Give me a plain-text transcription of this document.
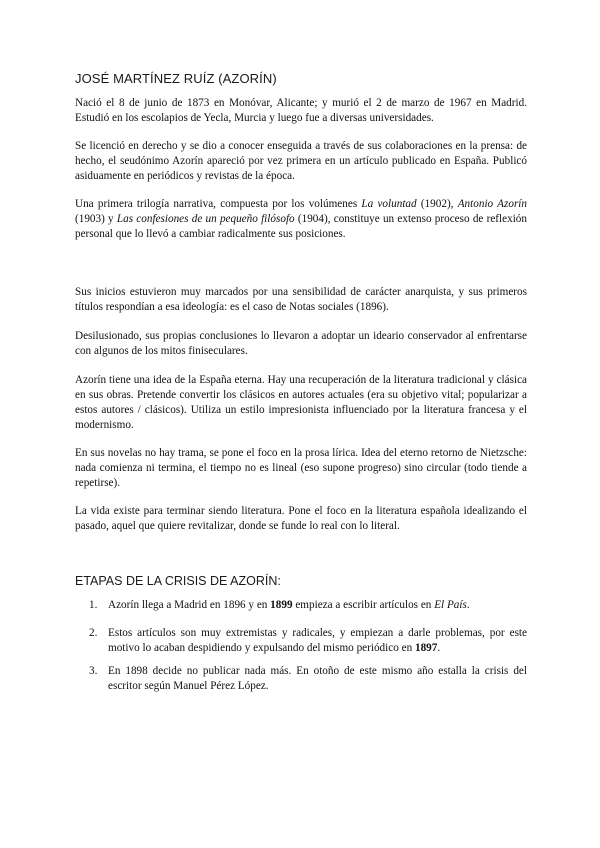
JOSÉ MARTÍNEZ RUÍZ (AZORÍN)

Nació el 8 de junio de 1873 en Monóvar, Alicante; y murió el 2 de marzo de 1967 en Madrid. Estudió en los escolapios de Yecla, Murcia y luego fue a diversas universidades.

Se licenció en derecho y se dio a conocer enseguida a través de sus colaboraciones en la prensa: de hecho, el seudónimo Azorín apareció por vez primera en un artículo publicado en España. Publicó asiduamente en periódicos y revistas de la época.

Una primera trilogía narrativa, compuesta por los volúmenes La voluntad (1902), Antonio Azorín (1903) y Las confesiones de un pequeño filósofo (1904), constituye un extenso proceso de reflexión personal que lo llevó a cambiar radicalmente sus posiciones.

Sus inicios estuvieron muy marcados por una sensibilidad de carácter anarquista, y sus primeros títulos respondían a esa ideología: es el caso de Notas sociales (1896).

Desilusionado, sus propias conclusiones lo llevaron a adoptar un ideario conservador al enfrentarse con algunos de los mitos finiseculares.

Azorín tiene una idea de la España eterna. Hay una recuperación de la literatura tradicional y clásica en sus obras. Pretende convertir los clásicos en autores actuales (era su objetivo vital; popularizar a estos autores / clásicos). Utiliza un estilo impresionista influenciado por la literatura francesa y el modernismo.

En sus novelas no hay trama, se pone el foco en la prosa lírica. Idea del eterno retorno de Nietzsche: nada comienza ni termina, el tiempo no es lineal (eso supone progreso) sino circular (todo tiende a repetirse).

La vida existe para terminar siendo literatura. Pone el foco en la literatura española idealizando el pasado, aquel que quiere revitalizar, donde se funde lo real con lo literal.

ETAPAS DE LA CRISIS DE AZORÍN:
1. Azorín llega a Madrid en 1896 y en 1899 empieza a escribir artículos en El País.
2. Estos artículos son muy extremistas y radicales, y empiezan a darle problemas, por este motivo lo acaban despidiendo y expulsando del mismo periódico en 1897.
3. En 1898 decide no publicar nada más. En otoño de este mismo año estalla la crisis del escritor según Manuel Pérez López.
